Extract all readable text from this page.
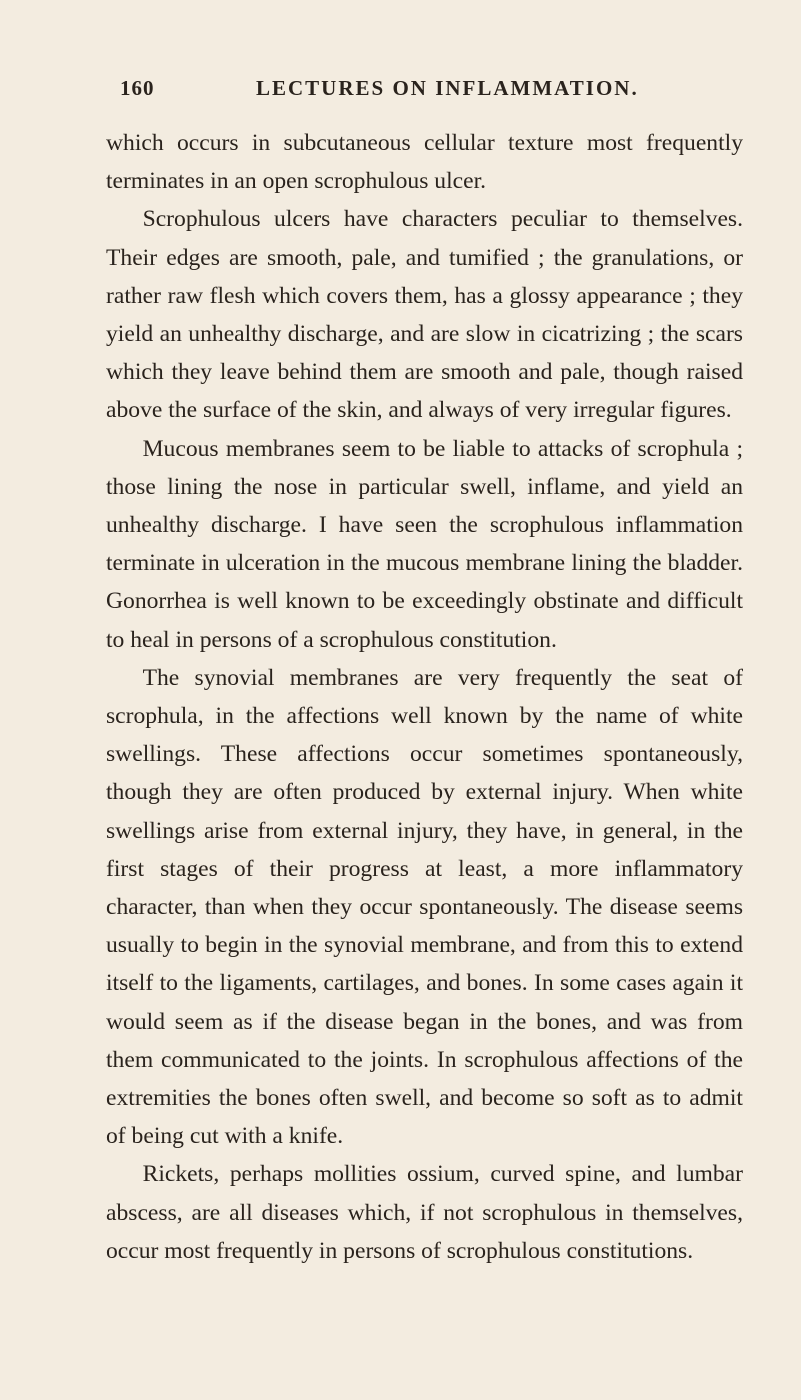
160	LECTURES ON INFLAMMATION.

which occurs in subcutaneous cellular texture most frequently terminates in an open scrophulous ulcer.

Scrophulous ulcers have characters peculiar to themselves. Their edges are smooth, pale, and tumified ; the granulations, or rather raw flesh which covers them, has a glossy appearance ; they yield an unhealthy discharge, and are slow in cicatrizing ; the scars which they leave behind them are smooth and pale, though raised above the surface of the skin, and always of very irregular figures.

Mucous membranes seem to be liable to attacks of scrophula ; those lining the nose in particular swell, inflame, and yield an unhealthy discharge. I have seen the scrophulous inflammation terminate in ulceration in the mucous membrane lining the bladder. Gonorrhea is well known to be exceedingly obstinate and difficult to heal in persons of a scrophulous constitution.

The synovial membranes are very frequently the seat of scrophula, in the affections well known by the name of white swellings. These affections occur sometimes spontaneously, though they are often produced by external injury. When white swellings arise from external injury, they have, in general, in the first stages of their progress at least, a more inflammatory character, than when they occur spontaneously. The disease seems usually to begin in the synovial membrane, and from this to extend itself to the ligaments, cartilages, and bones. In some cases again it would seem as if the disease began in the bones, and was from them communicated to the joints. In scrophulous affections of the extremities the bones often swell, and become so soft as to admit of being cut with a knife.

Rickets, perhaps mollities ossium, curved spine, and lumbar abscess, are all diseases which, if not scrophulous in themselves, occur most frequently in persons of scrophulous constitutions.
